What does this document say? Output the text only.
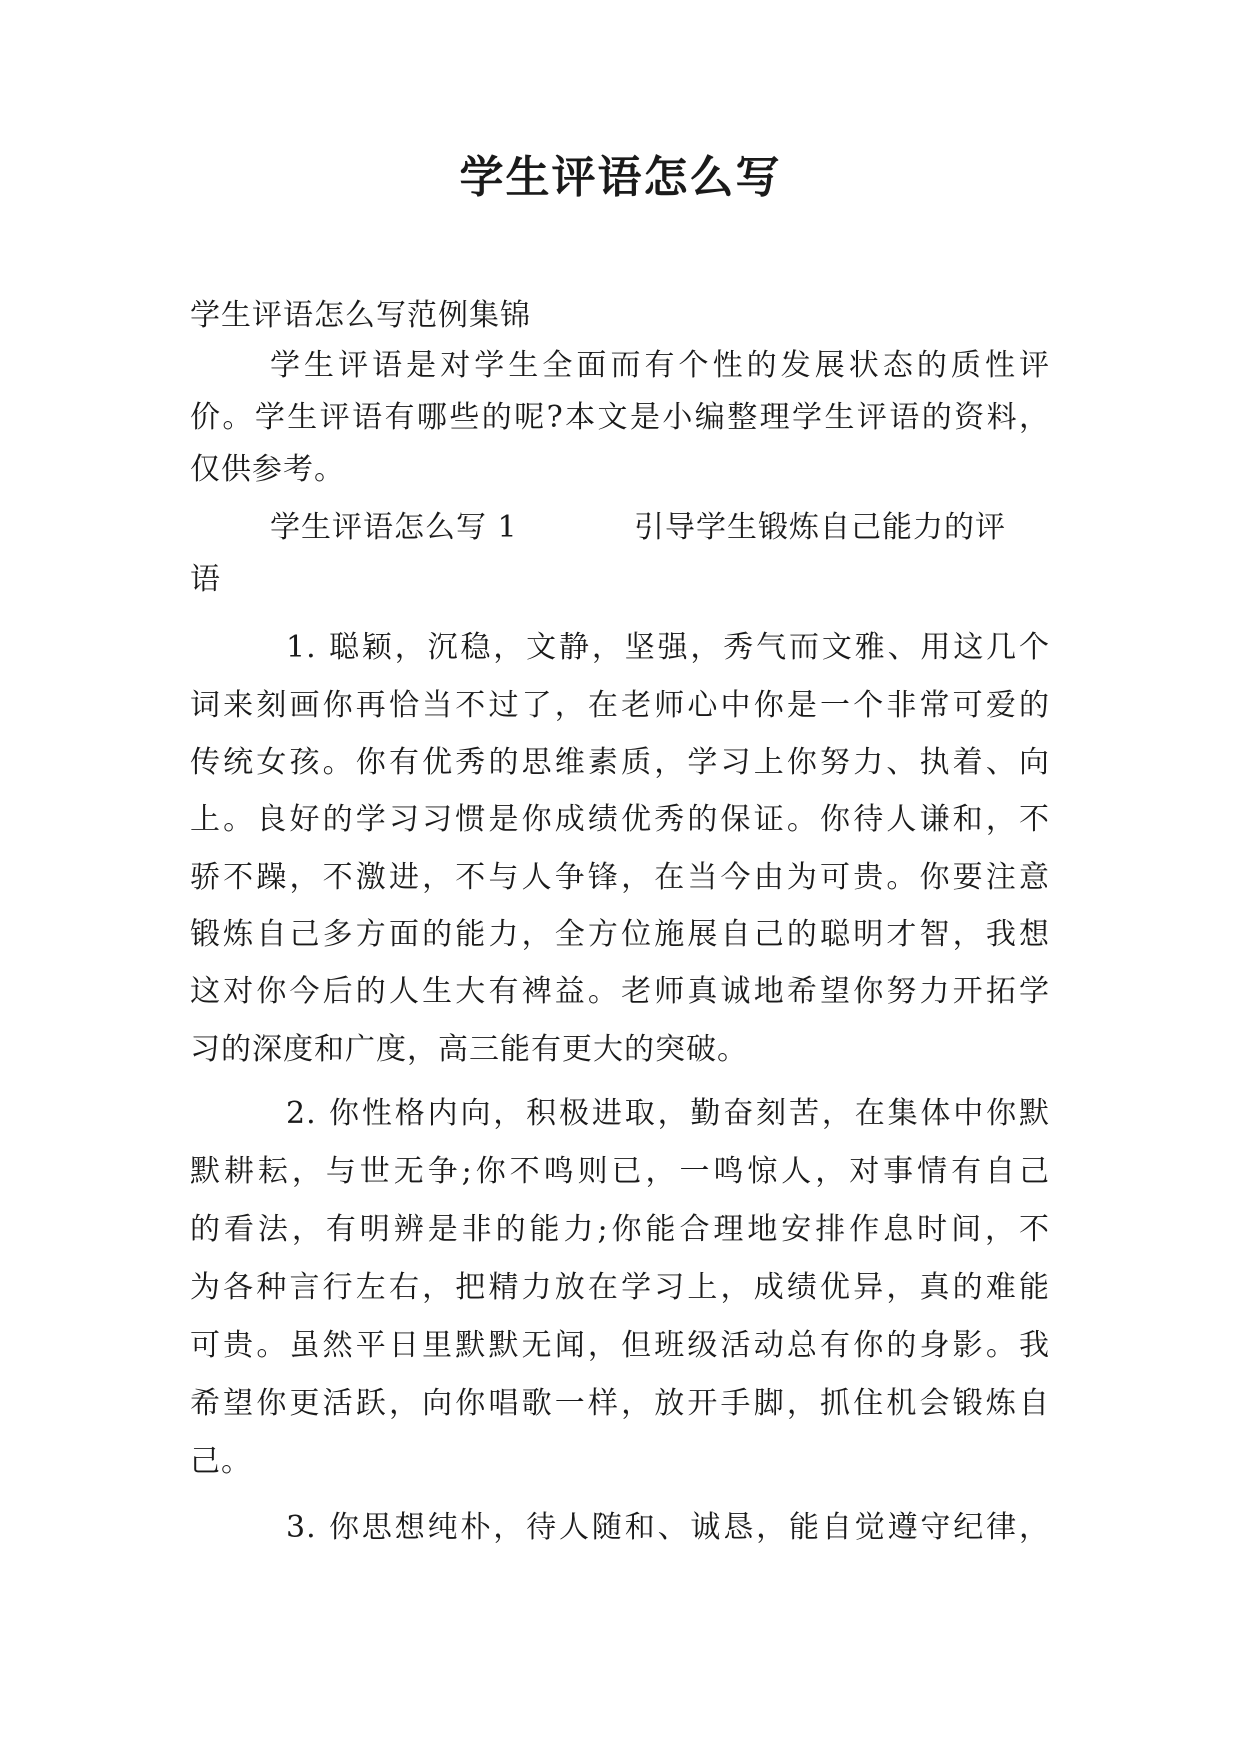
学生评语怎么写
学生评语怎么写范例集锦
学生评语是对学生全面而有个性的发展状态的质性评
价。学生评语有哪些的呢?本文是小编整理学生评语的资料，
仅供参考。
学生评语怎么写 1	引导学生锻炼自己能力的评
语
1. 聪颖，沉稳，文静，坚强，秀气而文雅、用这几个
词来刻画你再恰当不过了，在老师心中你是一个非常可爱的
传统女孩。你有优秀的思维素质，学习上你努力、执着、向
上。良好的学习习惯是你成绩优秀的保证。你待人谦和，不
骄不躁，不激进，不与人争锋，在当今由为可贵。你要注意
锻炼自己多方面的能力，全方位施展自己的聪明才智，我想
这对你今后的人生大有裨益。老师真诚地希望你努力开拓学
习的深度和广度，高三能有更大的突破。
2. 你性格内向，积极进取，勤奋刻苦，在集体中你默
默耕耘，与世无争;你不鸣则已，一鸣惊人，对事情有自己
的看法，有明辨是非的能力;你能合理地安排作息时间，不
为各种言行左右，把精力放在学习上，成绩优异，真的难能
可贵。虽然平日里默默无闻，但班级活动总有你的身影。我
希望你更活跃，向你唱歌一样，放开手脚，抓住机会锻炼自
己。
3. 你思想纯朴，待人随和、诚恳，能自觉遵守纪律，
